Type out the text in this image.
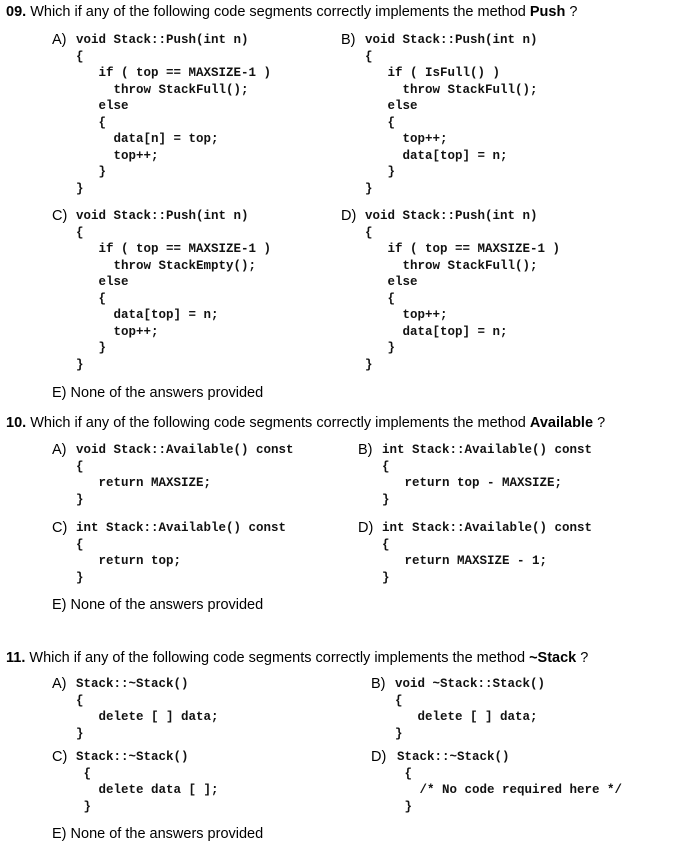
09. Which if any of the following code segments correctly implements the method Push ?
A) void Stack::Push(int n)
{
if ( top == MAXSIZE-1 )
throw StackFull();
else
{
data[n] = top;
top++;
}
}
B) void Stack::Push(int n)
{
if ( IsFull() )
throw StackFull();
else
{
top++;
data[top] = n;
}
}
C) void Stack::Push(int n)
{
if ( top == MAXSIZE-1 )
throw StackEmpty();
else
{
data[top] = n;
top++;
}
}
D) void Stack::Push(int n)
{
if ( top == MAXSIZE-1 )
throw StackFull();
else
{
top++;
data[top] = n;
}
}
E) None of the answers provided
10. Which if any of the following code segments correctly implements the method Available ?
A) void Stack::Available() const
{
return MAXSIZE;
}
B) int Stack::Available() const
{
return top - MAXSIZE;
}
C) int Stack::Available() const
{
return top;
}
D) int Stack::Available() const
{
return MAXSIZE - 1;
}
E) None of the answers provided
11. Which if any of the following code segments correctly implements the method ~Stack ?
A) Stack::~Stack()
{
delete [ ] data;
}
B) void ~Stack::Stack()
{
delete [ ] data;
}
C) Stack::~Stack()
{
delete data [ ];
}
D) Stack::~Stack()
{
/* No code required here */
}
E) None of the answers provided
